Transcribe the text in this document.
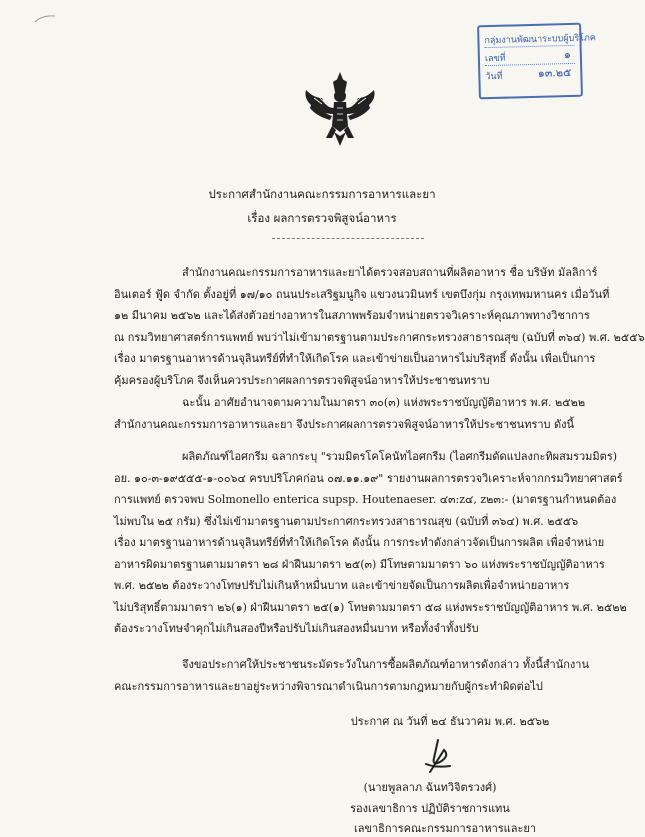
กลุ่มงานพัฒนาระบบผู้บริโภค
เลขที่	๑
วันที่	๑๓.๒๕
ประกาศสำนักงานคณะกรรมการอาหารและยา
เรื่อง ผลการตรวจพิสูจน์อาหาร

สำนักงานคณะกรรมการอาหารและยาได้ตรวจสอบสถานที่ผลิตอาหาร ชื่อ บริษัท มัลลิการ์
อินเตอร์ ฟู้ด จำกัด ตั้งอยู่ที่ ๑๗/๑๐ ถนนประเสริฐมนูกิจ แขวงนวมินทร์ เขตบึงกุ่ม กรุงเทพมหานคร เมื่อวันที่
๑๒ มีนาคม ๒๕๖๒ และได้ส่งตัวอย่างอาหารในสภาพพร้อมจำหน่ายตรวจวิเคราะห์คุณภาพทางวิชาการ
ณ กรมวิทยาศาสตร์การแพทย์ พบว่าไม่เข้ามาตรฐานตามประกาศกระทรวงสาธารณสุข (ฉบับที่ ๓๖๔) พ.ศ. ๒๕๕๖
เรื่อง มาตรฐานอาหารด้านจุลินทรีย์ที่ทำให้เกิดโรค และเข้าข่ายเป็นอาหารไม่บริสุทธิ์ ดังนั้น เพื่อเป็นการ
คุ้มครองผู้บริโภค จึงเห็นควรประกาศผลการตรวจพิสูจน์อาหารให้ประชาชนทราบ

ฉะนั้น อาศัยอำนาจตามความในมาตรา ๓๐(๓) แห่งพระราชบัญญัติอาหาร พ.ศ. ๒๕๒๒
สำนักงานคณะกรรมการอาหารและยา จึงประกาศผลการตรวจพิสูจน์อาหารให้ประชาชนทราบ ดังนี้

ผลิตภัณฑ์ไอศกรีม ฉลากระบุ "รวมมิตรโคโคนัทไอศกรีม (ไอศกรีมดัดแปลงกะทิผสมรวมมิตร)
อย. ๑๐-๓-๑๙๕๕๕-๑-๐๐๖๔ ครบปริโภคก่อน ๐๗.๑๑.๑๙" รายงานผลการตรวจวิเคราะห์จากกรมวิทยาศาสตร์
การแพทย์ ตรวจพบ Solmonello enterica supsp. Houtenaeser. ๔๓:z๔, z๒๓:- (มาตรฐานกำหนดต้อง
ไม่พบใน ๒๕ กรัม) ซึ่งไม่เข้ามาตรฐานตามประกาศกระทรวงสาธารณสุข (ฉบับที่ ๓๖๔) พ.ศ. ๒๕๕๖
เรื่อง มาตรฐานอาหารด้านจุลินทรีย์ที่ทำให้เกิดโรค ดังนั้น การกระทำดังกล่าวจัดเป็นการผลิต เพื่อจำหน่าย
อาหารผิดมาตรฐานตามมาตรา ๒๘ ฝ่าฝืนมาตรา ๒๕(๓) มีโทษตามมาตรา ๖๐ แห่งพระราชบัญญัติอาหาร
พ.ศ. ๒๕๒๒ ต้องระวางโทษปรับไม่เกินห้าหมื่นบาท และเข้าข่ายจัดเป็นการผลิตเพื่อจำหน่ายอาหาร
ไม่บริสุทธิ์ตามมาตรา ๒๖(๑) ฝ่าฝืนมาตรา ๒๕(๑) โทษตามมาตรา ๕๘ แห่งพระราชบัญญัติอาหาร พ.ศ. ๒๕๒๒
ต้องระวางโทษจำคุกไม่เกินสองปีหรือปรับไม่เกินสองหมื่นบาท หรือทั้งจำทั้งปรับ

จึงขอประกาศให้ประชาชนระมัดระวังในการซื้อผลิตภัณฑ์อาหารดังกล่าว ทั้งนี้สำนักงาน
คณะกรรมการอาหารและยาอยู่ระหว่างพิจารณาดำเนินการตามกฎหมายกับผู้กระทำผิดต่อไป

ประกาศ ณ วันที่ ๒๔ ธันวาคม พ.ศ. ๒๕๖๒
(นายพูลลาภ ฉันทวิจิตรวงศ์)
รองเลขาธิการ ปฏิบัติราชการแทน
เลขาธิการคณะกรรมการอาหารและยา
